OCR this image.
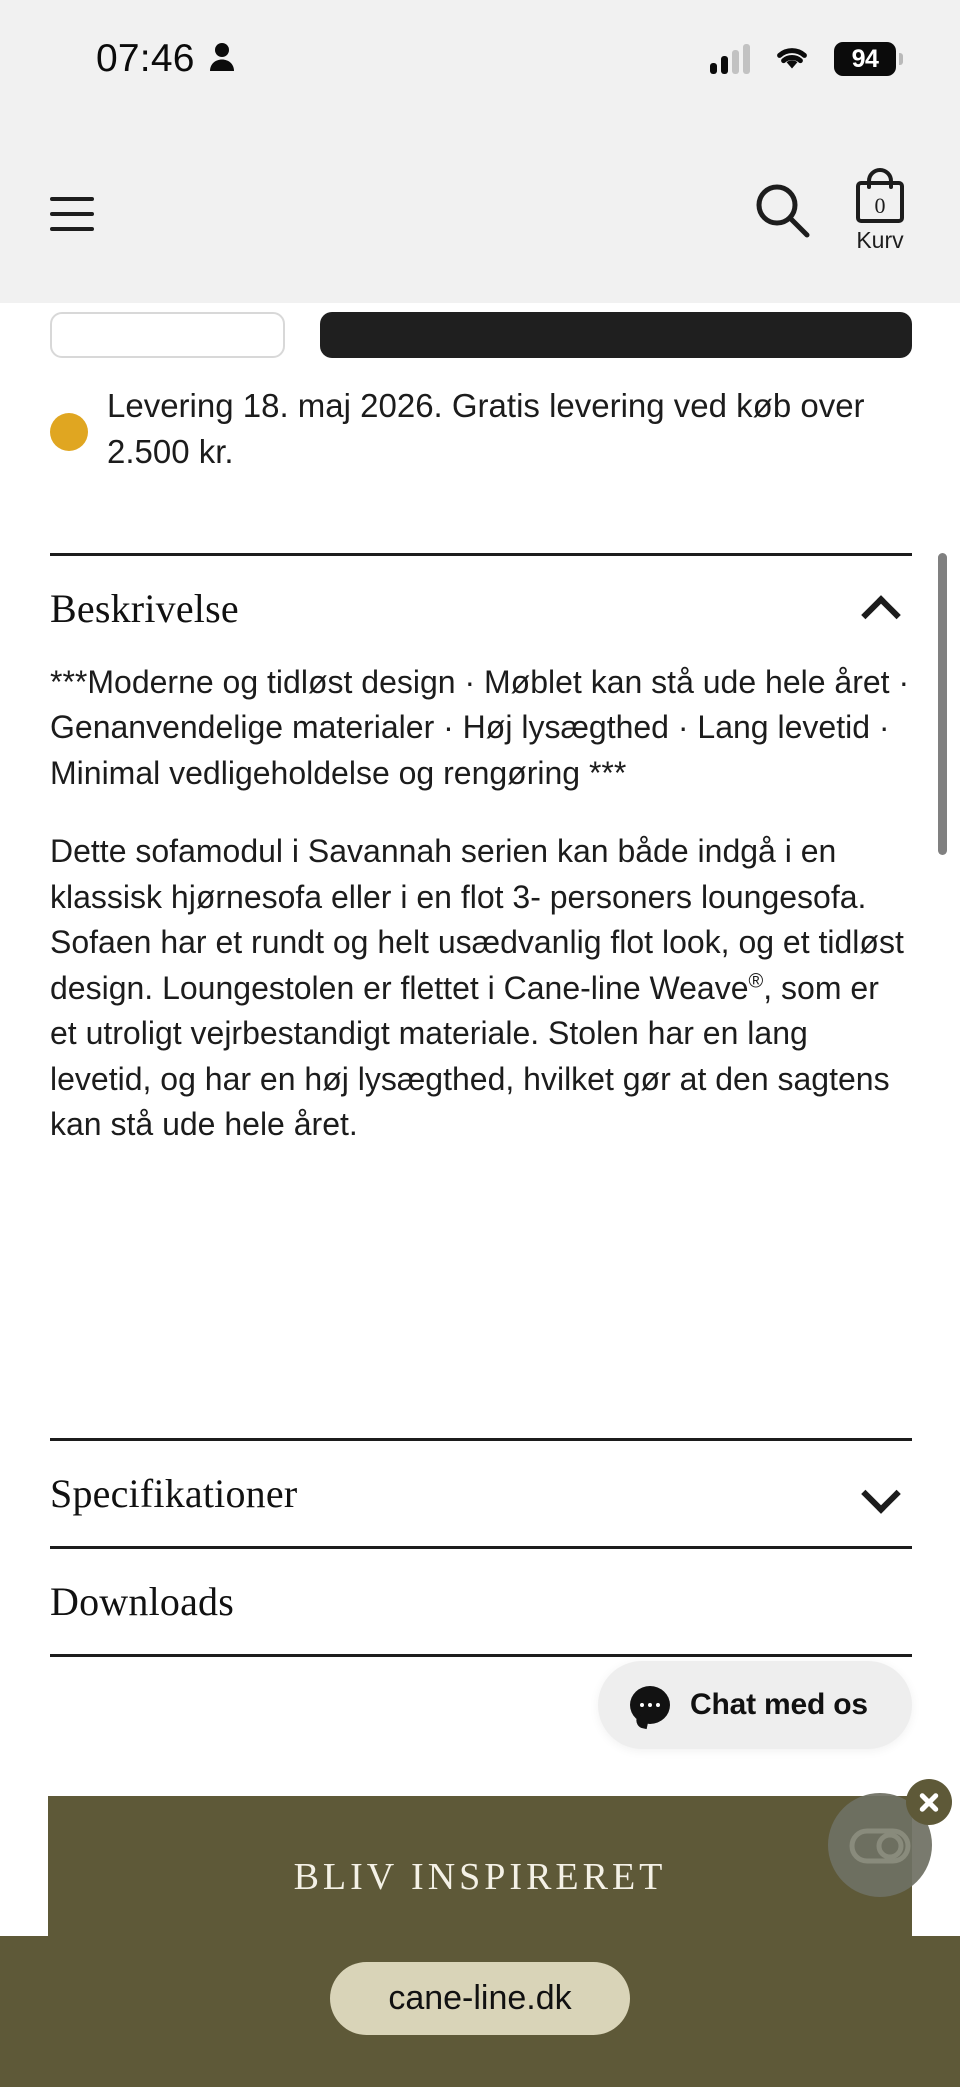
07:46	94
0
Kurv
Levering 18. maj 2026. Gratis levering ved køb over 2.500 kr.
Beskrivelse

***Moderne og tidløst design · Møblet kan stå ude hele året · Genanvendelige materialer · Høj lysægthed · Lang levetid · Minimal vedligeholdelse og rengøring ***

Dette sofamodul i Savannah serien kan både indgå i en klassisk hjørnesofa eller i en flot 3- personers loungesofa. Sofaen har et rundt og helt usædvanlig flot look, og et tidløst design. Loungestolen er flettet i Cane-line Weave®, som er et utroligt vejrbestandigt materiale. Stolen har en lang levetid, og har en høj lysægthed, hvilket gør at den sagtens kan stå ude hele året.

Specifikationer
Downloads
Chat med os
BLIV INSPIRERET
cane-line.dk
